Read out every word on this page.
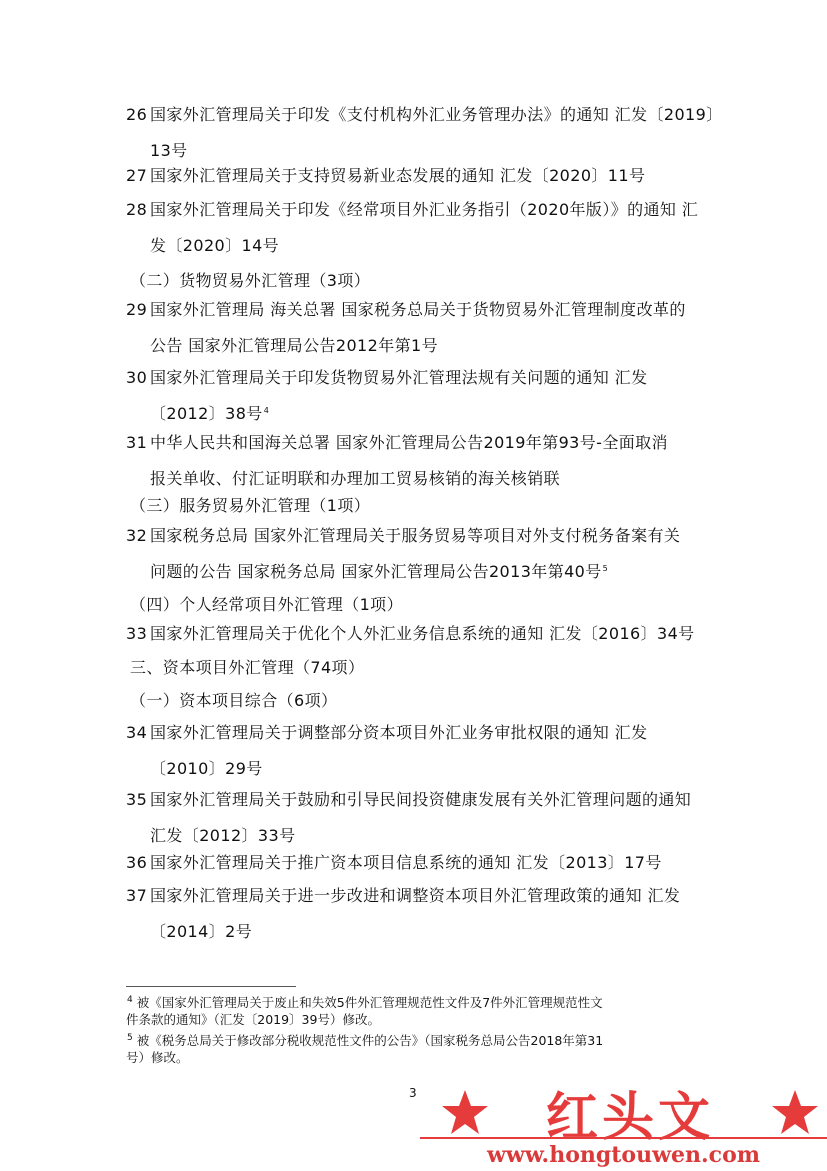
26 国家外汇管理局关于印发《支付机构外汇业务管理办法》的通知 汇发〔2019〕
13号
27 国家外汇管理局关于支持贸易新业态发展的通知 汇发〔2020〕11号
28 国家外汇管理局关于印发《经常项目外汇业务指引（2020年版）》的通知 汇
发〔2020〕14号
（二）货物贸易外汇管理（3项）
29 国家外汇管理局 海关总署 国家税务总局关于货物贸易外汇管理制度改革的
公告 国家外汇管理局公告2012年第1号
30 国家外汇管理局关于印发货物贸易外汇管理法规有关问题的通知 汇发
〔2012〕38号$^4$
31 中华人民共和国海关总署 国家外汇管理局公告2019年第93号-全面取消
报关单收、付汇证明联和办理加工贸易核销的海关核销联
（三）服务贸易外汇管理（1项）
32 国家税务总局 国家外汇管理局关于服务贸易等项目对外支付税务备案有关
问题的公告 国家税务总局 国家外汇管理局公告2013年第40号$^5$
（四）个人经常项目外汇管理（1项）
33 国家外汇管理局关于优化个人外汇业务信息系统的通知 汇发〔2016〕34号
三、资本项目外汇管理（74项）
（一）资本项目综合（6项）
34 国家外汇管理局关于调整部分资本项目外汇业务审批权限的通知 汇发
〔2010〕29号
35 国家外汇管理局关于鼓励和引导民间投资健康发展有关外汇管理问题的通知
汇发〔2012〕33号
36 国家外汇管理局关于推广资本项目信息系统的通知 汇发〔2013〕17号
37 国家外汇管理局关于进一步改进和调整资本项目外汇管理政策的通知 汇发
〔2014〕2号
$^4$ 被《国家外汇管理局关于废止和失效5件外汇管理规范性文件及7件外汇管理规范性文
件条款的通知》（汇发〔2019〕39号）修改。
$^5$ 被《税务总局关于修改部分税收规范性文件的公告》（国家税务总局公告2018年第31
号）修改。
3 红头文
www.hongtouwen.com
